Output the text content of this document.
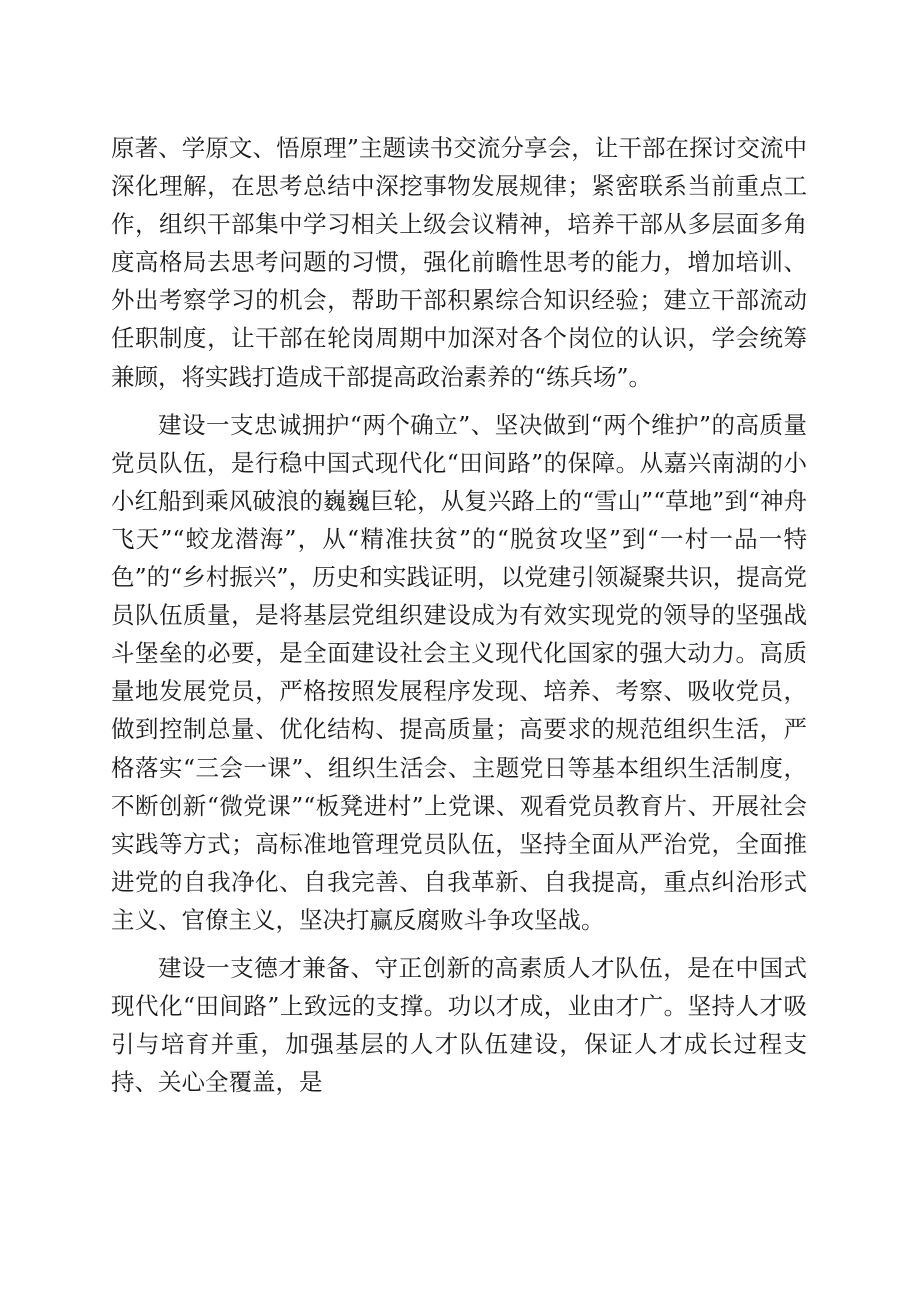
原著、学原文、悟原理”主题读书交流分享会，让干部在探讨交流中深化理解，在思考总结中深挖事物发展规律；紧密联系当前重点工作，组织干部集中学习相关上级会议精神，培养干部从多层面多角度高格局去思考问题的习惯，强化前瞻性思考的能力，增加培训、外出考察学习的机会，帮助干部积累综合知识经验；建立干部流动任职制度，让干部在轮岗周期中加深对各个岗位的认识，学会统筹兼顾，将实践打造成干部提高政治素养的“练兵场”。

建设一支忠诚拥护“两个确立”、坚决做到“两个维护”的高质量党员队伍，是行稳中国式现代化“田间路”的保障。从嘉兴南湖的小小红船到乘风破浪的巍巍巨轮，从复兴路上的“雪山”“草地”到“神舟飞天”“蛟龙潜海”，从“精准扶贫”的“脱贫攻坚”到“一村一品一特色”的“乡村振兴”，历史和实践证明，以党建引领凝聚共识，提高党员队伍质量，是将基层党组织建设成为有效实现党的领导的坚强战斗堡垒的必要，是全面建设社会主义现代化国家的强大动力。高质量地发展党员，严格按照发展程序发现、培养、考察、吸收党员，做到控制总量、优化结构、提高质量；高要求的规范组织生活，严格落实“三会一课”、组织生活会、主题党日等基本组织生活制度，不断创新“微党课”“板凳进村”上党课、观看党员教育片、开展社会实践等方式；高标准地管理党员队伍，坚持全面从严治党，全面推进党的自我净化、自我完善、自我革新、自我提高，重点纠治形式主义、官僚主义，坚决打赢反腐败斗争攻坚战。

建设一支德才兼备、守正创新的高素质人才队伍，是在中国式现代化“田间路”上致远的支撑。功以才成，业由才广。坚持人才吸引与培育并重，加强基层的人才队伍建设，保证人才成长过程支持、关心全覆盖，是
